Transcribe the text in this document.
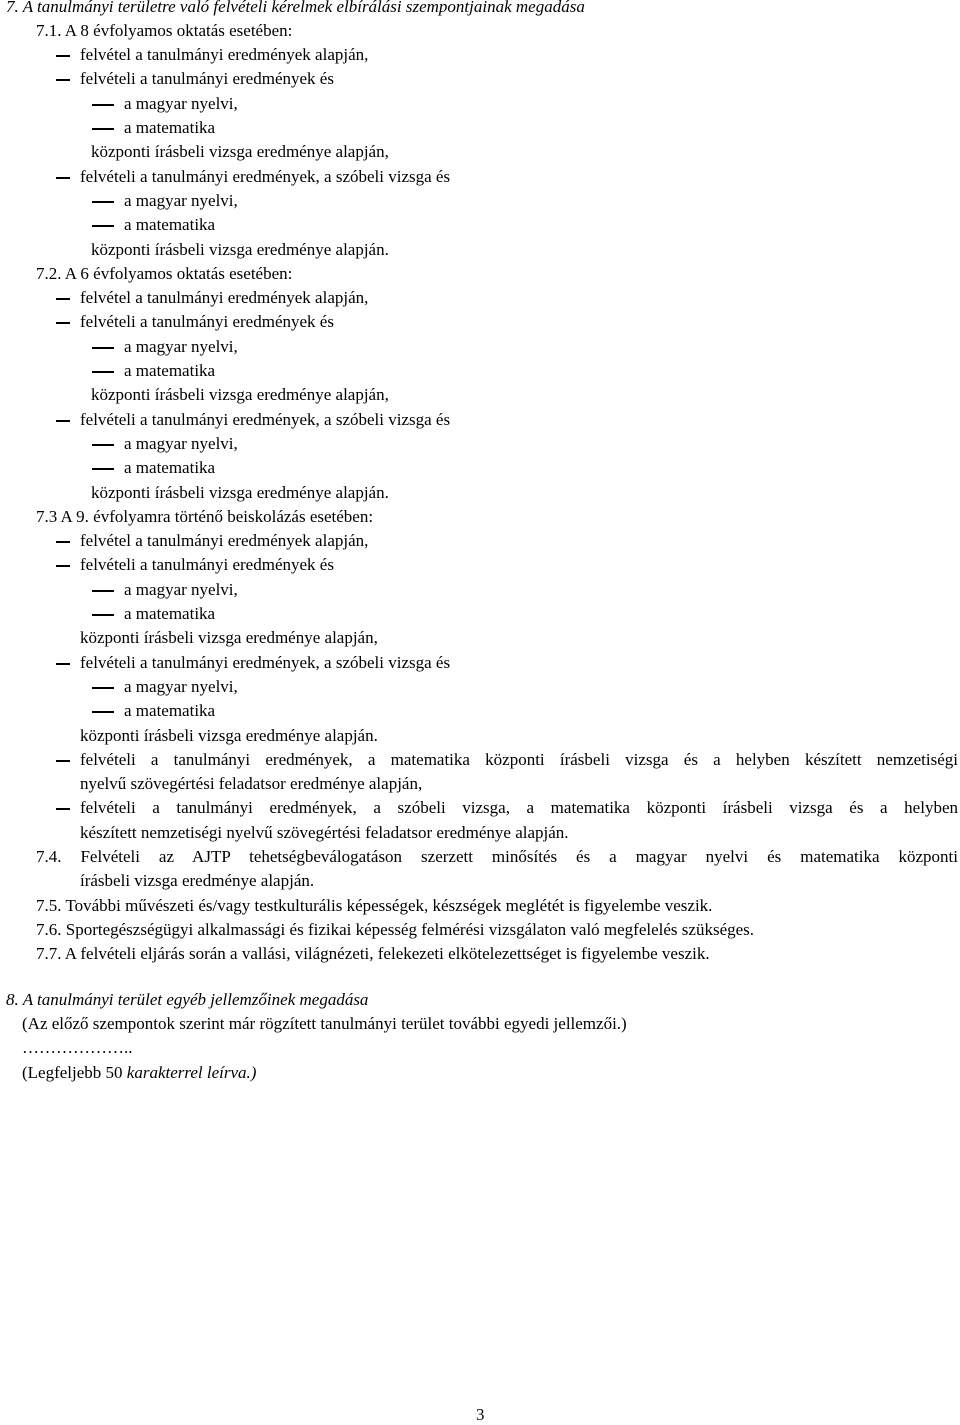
7. A tanulmányi területre való felvételi kérelmek elbírálási szempontjainak megadása
7.1. A 8 évfolyamos oktatás esetében:
felvétel a tanulmányi eredmények alapján,
felvételi a tanulmányi eredmények és
a magyar nyelvi,
a matematika
központi írásbeli vizsga eredménye alapján,
felvételi a tanulmányi eredmények, a szóbeli vizsga és
a magyar nyelvi,
a matematika
központi írásbeli vizsga eredménye alapján.
7.2. A 6 évfolyamos oktatás esetében:
felvétel a tanulmányi eredmények alapján,
felvételi a tanulmányi eredmények és
a magyar nyelvi,
a matematika
központi írásbeli vizsga eredménye alapján,
felvételi a tanulmányi eredmények, a szóbeli vizsga és
a magyar nyelvi,
a matematika
központi írásbeli vizsga eredménye alapján.
7.3 A 9. évfolyamra történő beiskolázás esetében:
felvétel a tanulmányi eredmények alapján,
felvételi a tanulmányi eredmények és
a magyar nyelvi,
a matematika
központi írásbeli vizsga eredménye alapján,
felvételi a tanulmányi eredmények, a szóbeli vizsga és
a magyar nyelvi,
a matematika
központi írásbeli vizsga eredménye alapján.
felvételi a tanulmányi eredmények, a matematika központi írásbeli vizsga és a helyben készített nemzetiségi
nyelvű szövegértési feladatsor eredménye alapján,
felvételi a tanulmányi eredmények, a szóbeli vizsga, a matematika központi írásbeli vizsga és a helyben
készített nemzetiségi nyelvű szövegértési feladatsor eredménye alapján.
7.4. Felvételi az AJTP tehetségbeválogatáson szerzett minősítés és a magyar nyelvi és matematika központi
írásbeli vizsga eredménye alapján.
7.5. További művészeti és/vagy testkulturális képességek, készségek meglétét is figyelembe veszik.
7.6. Sportegészségügyi alkalmassági és fizikai képesség felmérési vizsgálaton való megfelelés szükséges.
7.7. A felvételi eljárás során a vallási, világnézeti, felekezeti elkötelezettséget is figyelembe veszik.
8. A tanulmányi terület egyéb jellemzőinek megadása
(Az előző szempontok szerint már rögzített tanulmányi terület további egyedi jellemzői.)
………………..
(Legfeljebb 50 karakterrel leírva.)
3
